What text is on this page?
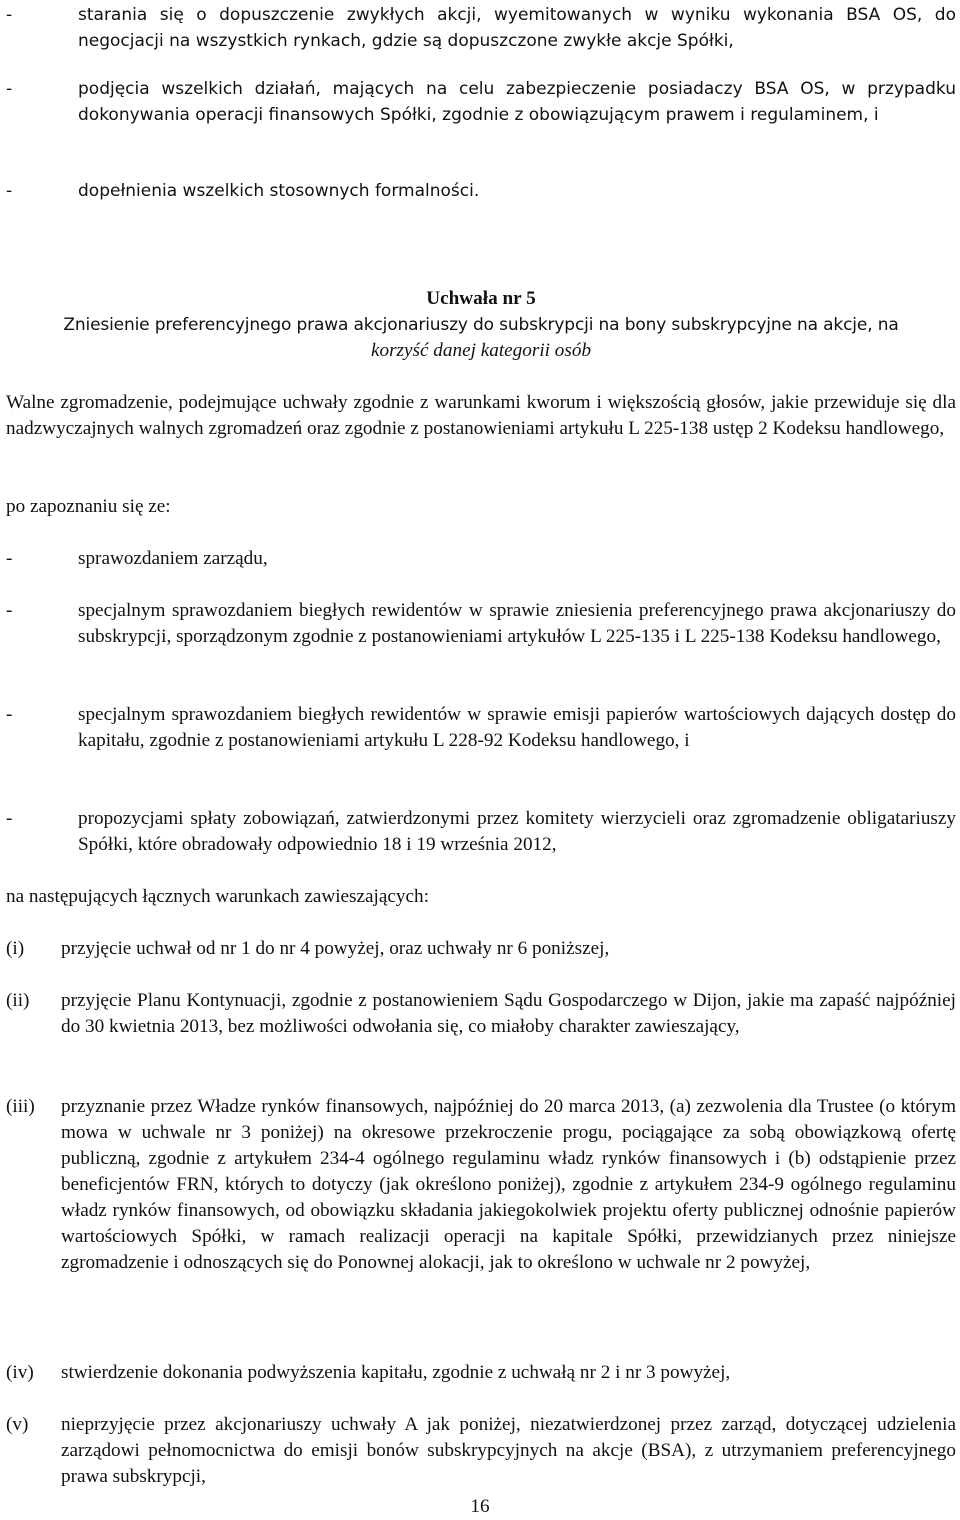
-	starania się o dopuszczenie zwykłych akcji, wyemitowanych w wyniku wykonania BSA OS, do negocjacji na wszystkich rynkach, gdzie są dopuszczone zwykłe akcje Spółki,
-	podjęcia wszelkich działań, mających na celu zabezpieczenie posiadaczy BSA OS, w przypadku dokonywania operacji finansowych Spółki, zgodnie z obowiązującym prawem i regulaminem, i
-	dopełnienia wszelkich stosownych formalności.
Uchwała nr 5
Zniesienie preferencyjnego prawa akcjonariuszy do subskrypcji na bony subskrypcyjne na akcje, na
korzyść danej kategorii osób
Walne zgromadzenie, podejmujące uchwały zgodnie z warunkami kworum i większością głosów, jakie przewiduje się dla nadzwyczajnych walnych zgromadzeń oraz zgodnie z postanowieniami artykułu L 225-138 ustęp 2 Kodeksu handlowego,
po zapoznaniu się ze:
-	sprawozdaniem zarządu,
-	specjalnym sprawozdaniem biegłych rewidentów w sprawie zniesienia preferencyjnego prawa akcjonariuszy do subskrypcji, sporządzonym zgodnie z postanowieniami artykułów L 225-135 i L 225-138 Kodeksu handlowego,
-	specjalnym sprawozdaniem biegłych rewidentów w sprawie emisji papierów wartościowych dających dostęp do kapitału, zgodnie z postanowieniami artykułu L 228-92 Kodeksu handlowego, i
-	propozycjami spłaty zobowiązań, zatwierdzonymi przez komitety wierzycieli oraz zgromadzenie obligatariuszy Spółki, które obradowały odpowiednio 18 i 19 września 2012,
na następujących łącznych warunkach zawieszających:
(i) przyjęcie uchwał od nr 1 do nr 4 powyżej, oraz uchwały nr 6 poniższej,
(ii) przyjęcie Planu Kontynuacji, zgodnie z postanowieniem Sądu Gospodarczego w Dijon, jakie ma zapaść najpóźniej do 30 kwietnia 2013, bez możliwości odwołania się, co miałoby charakter zawieszający,
(iii) przyznanie przez Władze rynków finansowych, najpóźniej do 20 marca 2013, (a) zezwolenia dla Trustee (o którym mowa w uchwale nr 3 poniżej) na okresowe przekroczenie progu, pociągające za sobą obowiązkową ofertę publiczną, zgodnie z artykułem 234-4 ogólnego regulaminu władz rynków finansowych i (b) odstąpienie przez beneficjentów FRN, których to dotyczy (jak określono poniżej), zgodnie z artykułem 234-9 ogólnego regulaminu władz rynków finansowych, od obowiązku składania jakiegokolwiek projektu oferty publicznej odnośnie papierów wartościowych Spółki, w ramach realizacji operacji na kapitale Spółki, przewidzianych przez niniejsze zgromadzenie i odnoszących się do Ponownej alokacji, jak to określono w uchwale nr 2 powyżej,
(iv) stwierdzenie dokonania podwyższenia kapitału, zgodnie z uchwałą nr 2 i nr 3 powyżej,
(v) nieprzyjęcie przez akcjonariuszy uchwały A jak poniżej, niezatwierdzonej przez zarząd, dotyczącej udzielenia zarządowi pełnomocnictwa do emisji bonów subskrypcyjnych na akcje (BSA), z utrzymaniem preferencyjnego prawa subskrypcji,
16
